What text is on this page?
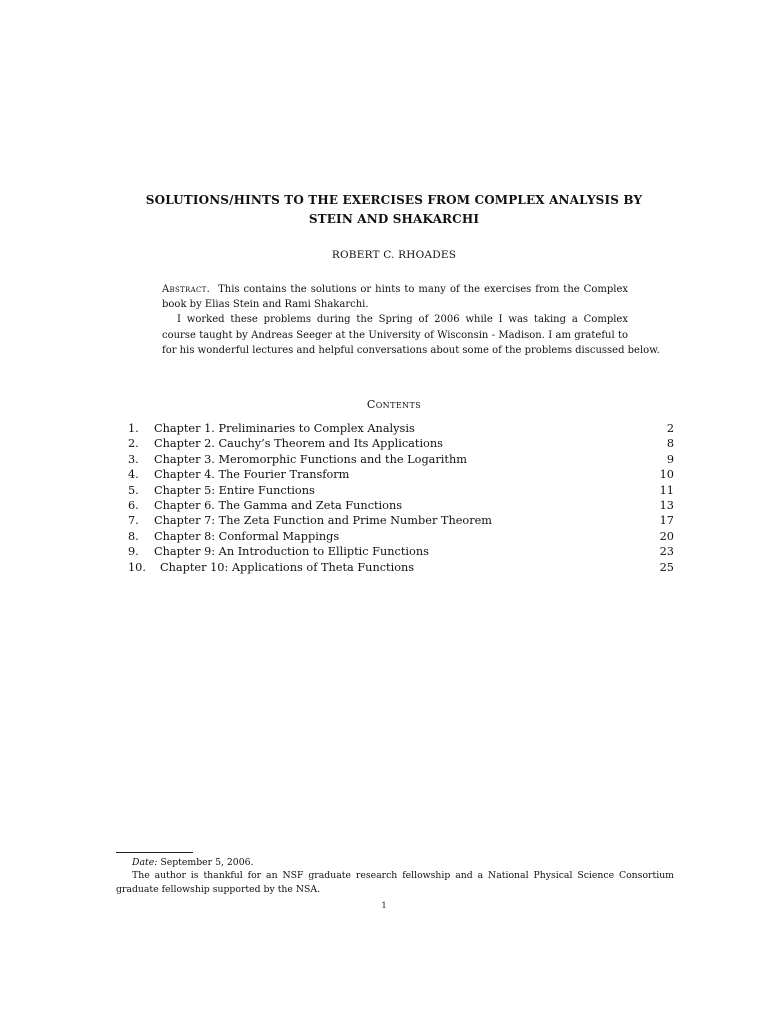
SOLUTIONS/HINTS TO THE EXERCISES FROM COMPLEX ANALYSIS BY
STEIN AND SHAKARCHI
ROBERT C. RHOADES
Abstract. This contains the solutions or hints to many of the exercises from the Complex
book by Elias Stein and Rami Shakarchi.
I worked these problems during the Spring of 2006 while I was taking a Complex
course taught by Andreas Seeger at the University of Wisconsin - Madison. I am grateful to
for his wonderful lectures and helpful conversations about some of the problems discussed below.
Contents
1.	Chapter 1. Preliminaries to Complex Analysis	2
2.	Chapter 2. Cauchy’s Theorem and Its Applications	8
3.	Chapter 3. Meromorphic Functions and the Logarithm	9
4.	Chapter 4. The Fourier Transform	10
5.	Chapter 5: Entire Functions	11
6.	Chapter 6. The Gamma and Zeta Functions	13
7.	Chapter 7: The Zeta Function and Prime Number Theorem	17
8.	Chapter 8: Conformal Mappings	20
9.	Chapter 9: An Introduction to Elliptic Functions	23
10.	Chapter 10: Applications of Theta Functions	25
Date: September 5, 2006.
The author is thankful for an NSF graduate research fellowship and a National Physical Science Consortium
graduate fellowship supported by the NSA.
1
